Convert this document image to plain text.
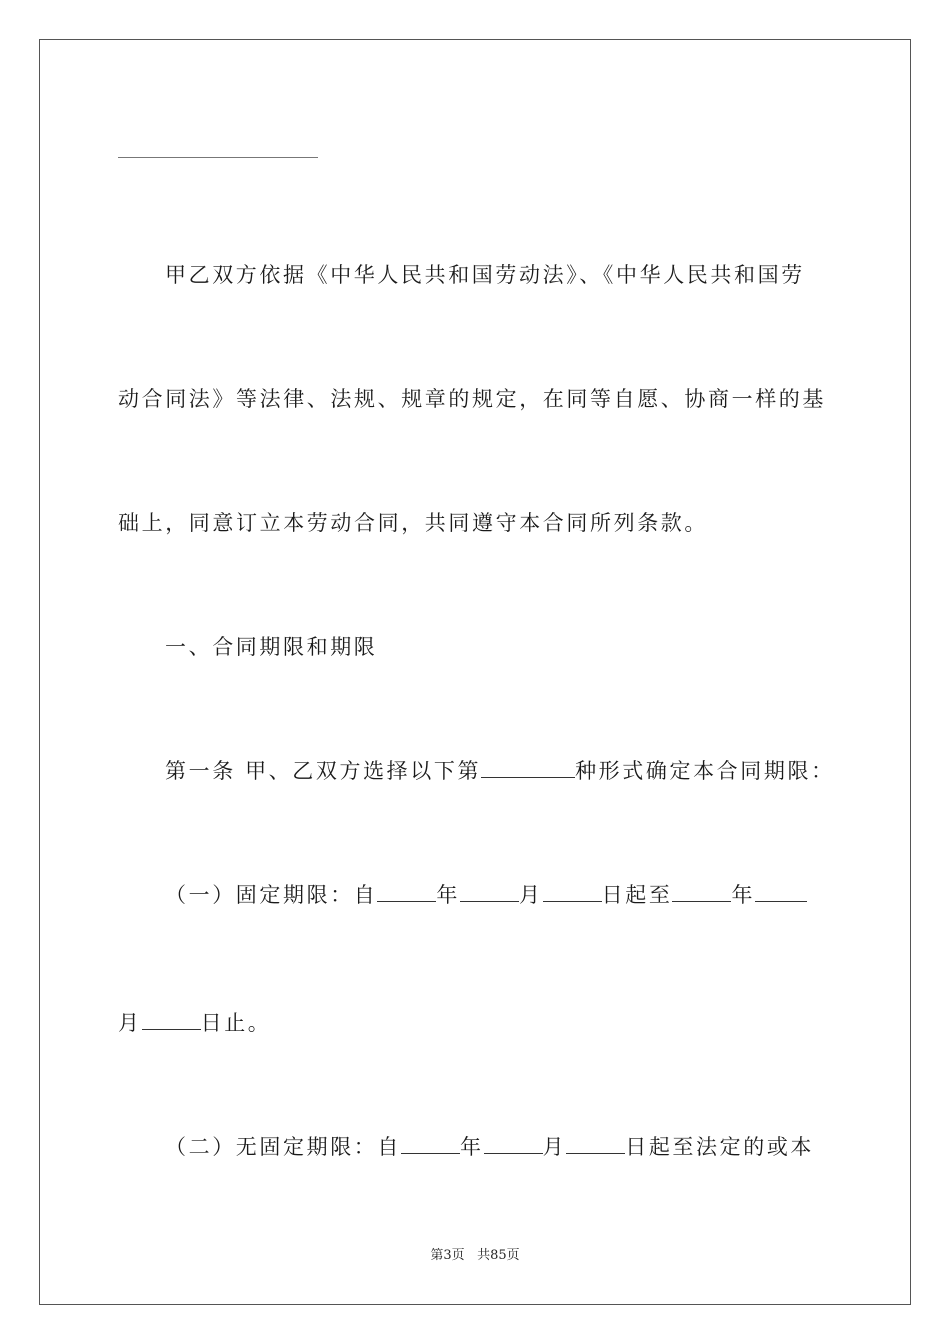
甲乙双方依据《中华人民共和国劳动法》、《中华人民共和国劳
动合同法》等法律、法规、规章的规定，在同等自愿、协商一样的基
础上，同意订立本劳动合同，共同遵守本合同所列条款。
一、合同期限和期限
第一条 甲、乙双方选择以下第	种形式确定本合同期限：
（一）固定期限：自	年	月	日起至	年
月	日止。
（二）无固定期限：自	年	月	日起至法定的或本
第3页 共85页
